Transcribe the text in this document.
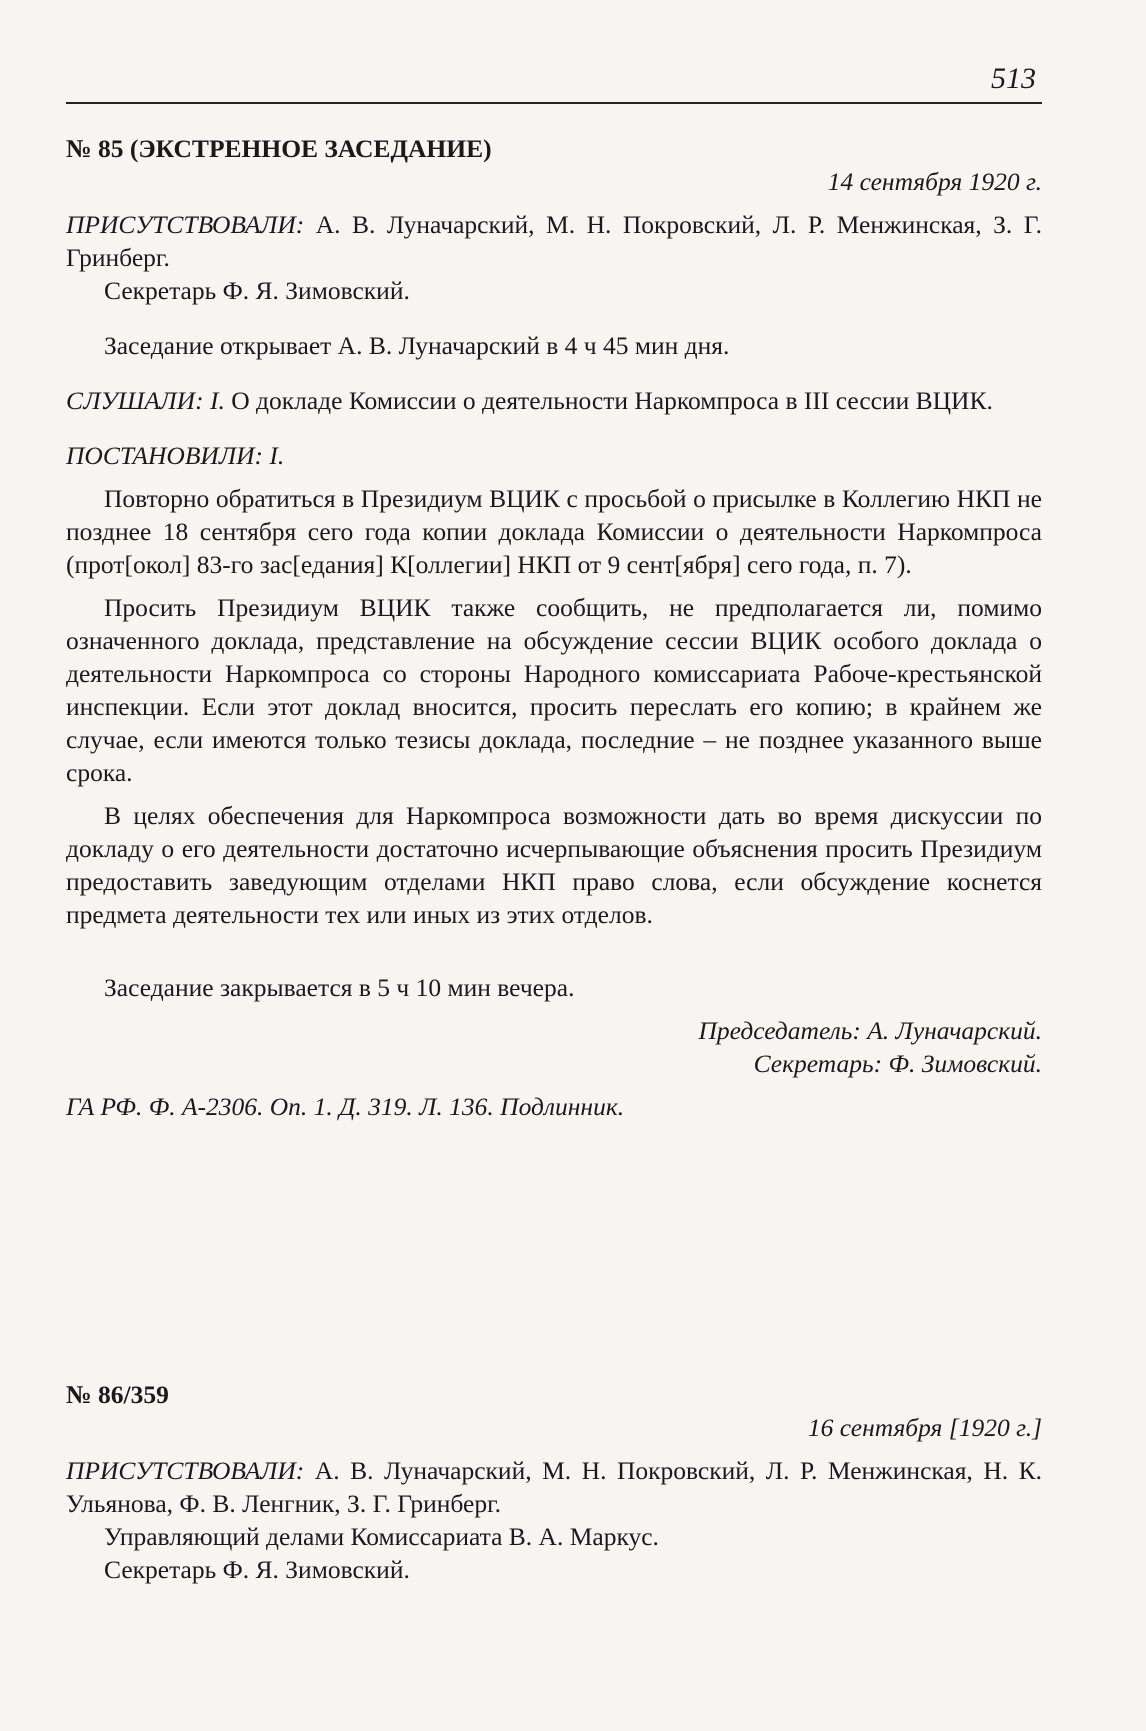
513

№ 85 (ЭКСТРЕННОЕ ЗАСЕДАНИЕ)

14 сентября 1920 г.

ПРИСУТСТВОВАЛИ: А. В. Луначарский, М. Н. Покровский, Л. Р. Менжинская, З. Г. Гринберг.

Секретарь Ф. Я. Зимовский.

Заседание открывает А. В. Луначарский в 4 ч 45 мин дня.

СЛУШАЛИ: I. О докладе Комиссии о деятельности Наркомпроса в III сессии ВЦИК.

ПОСТАНОВИЛИ: I.

Повторно обратиться в Президиум ВЦИК с просьбой о присылке в Коллегию НКП не позднее 18 сентября сего года копии доклада Комиссии о деятельности Наркомпроса (прот[окол] 83-го зас[едания] К[оллегии] НКП от 9 сент[ября] сего года, п. 7).

Просить Президиум ВЦИК также сообщить, не предполагается ли, помимо означенного доклада, представление на обсуждение сессии ВЦИК особого доклада о деятельности Наркомпроса со стороны Народного комиссариата Рабоче-крестьянской инспекции. Если этот доклад вносится, просить переслать его копию; в крайнем же случае, если имеются только тезисы доклада, последние – не позднее указанного выше срока.

В целях обеспечения для Наркомпроса возможности дать во время дискуссии по докладу о его деятельности достаточно исчерпывающие объяснения просить Президиум предоставить заведующим отделами НКП право слова, если обсуждение коснется предмета деятельности тех или иных из этих отделов.

Заседание закрывается в 5 ч 10 мин вечера.

Председатель: А. Луначарский.

Секретарь: Ф. Зимовский.

ГА РФ. Ф. А-2306. Оп. 1. Д. 319. Л. 136. Подлинник.

№ 86/359

16 сентября [1920 г.]

ПРИСУТСТВОВАЛИ: А. В. Луначарский, М. Н. Покровский, Л. Р. Менжинская, Н. К. Ульянова, Ф. В. Ленгник, З. Г. Гринберг.

Управляющий делами Комиссариата В. А. Маркус.

Секретарь Ф. Я. Зимовский.
